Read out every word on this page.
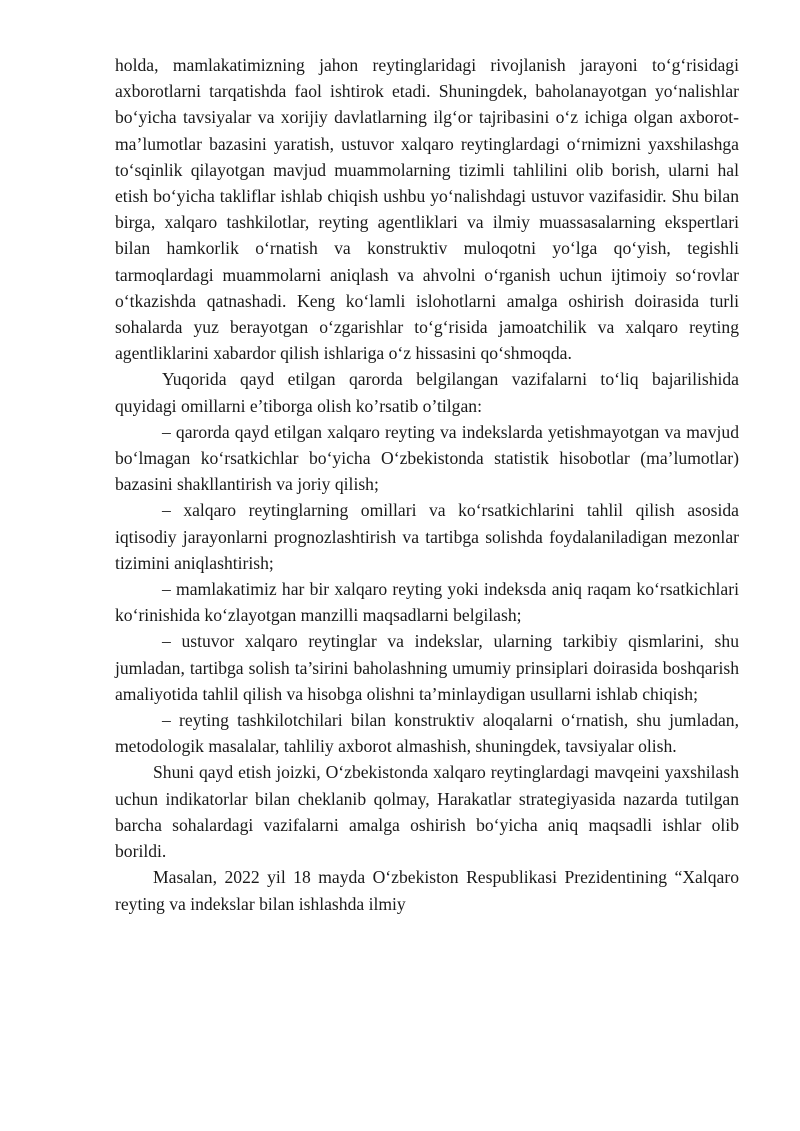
holda, mamlakatimizning jahon reytinglaridagi rivojlanish jarayoni to‘g‘risidagi axborotlarni tarqatishda faol ishtirok etadi. Shuningdek, baholanayotgan yo‘nalishlar bo‘yicha tavsiyalar va xorijiy davlatlarning ilg‘or tajribasini o‘z ichiga olgan axborot-ma’lumotlar bazasini yaratish, ustuvor xalqaro reytinglardagi o‘rnimizni yaxshilashga to‘sqinlik qilayotgan mavjud muammolarning tizimli tahlilini olib borish, ularni hal etish bo‘yicha takliflar ishlab chiqish ushbu yo‘nalishdagi ustuvor vazifasidir. Shu bilan birga, xalqaro tashkilotlar, reyting agentliklari va ilmiy muassasalarning ekspertlari bilan hamkorlik o‘rnatish va konstruktiv muloqotni yo‘lga qo‘yish, tegishli tarmoqlardagi muammolarni aniqlash va ahvolni o‘rganish uchun ijtimoiy so‘rovlar o‘tkazishda qatnashadi. Keng ko‘lamli islohotlarni amalga oshirish doirasida turli sohalarda yuz berayotgan o‘zgarishlar to‘g‘risida jamoatchilik va xalqaro reyting agentliklarini xabardor qilish ishlariga o‘z hissasini qo‘shmoqda.

Yuqorida qayd etilgan qarorda belgilangan vazifalarni to‘liq bajarilishida quyidagi omillarni e’tiborga olish ko’rsatib o’tilgan:

– qarorda qayd etilgan xalqaro reyting va indekslarda yetishmayotgan va mavjud bo‘lmagan ko‘rsatkichlar bo‘yicha O‘zbekistonda statistik hisobotlar (ma’lumotlar) bazasini shakllantirish va joriy qilish;

– xalqaro reytinglarning omillari va ko‘rsatkichlarini tahlil qilish asosida iqtisodiy jarayonlarni prognozlashtirish va tartibga solishda foydalaniladigan mezonlar tizimini aniqlashtirish;

– mamlakatimiz har bir xalqaro reyting yoki indeksda aniq raqam ko‘rsatkichlari ko‘rinishida ko‘zlayotgan manzilli maqsadlarni belgilash;

– ustuvor xalqaro reytinglar va indekslar, ularning tarkibiy qismlarini, shu jumladan, tartibga solish ta’sirini baholashning umumiy prinsiplari doirasida boshqarish amaliyotida tahlil qilish va hisobga olishni ta’minlaydigan usullarni ishlab chiqish;

– reyting tashkilotchilari bilan konstruktiv aloqalarni o‘rnatish, shu jumladan, metodologik masalalar, tahliliy axborot almashish, shuningdek, tavsiyalar olish.

Shuni qayd etish joizki, O‘zbekistonda xalqaro reytinglardagi mavqeini yaxshilash uchun indikatorlar bilan cheklanib qolmay, Harakatlar strategiyasida nazarda tutilgan barcha sohalardagi vazifalarni amalga oshirish bo‘yicha aniq maqsadli ishlar olib borildi.

Masalan, 2022 yil 18 mayda O‘zbekiston Respublikasi Prezidentining “Xalqaro reyting va indekslar bilan ishlashda ilmiy
